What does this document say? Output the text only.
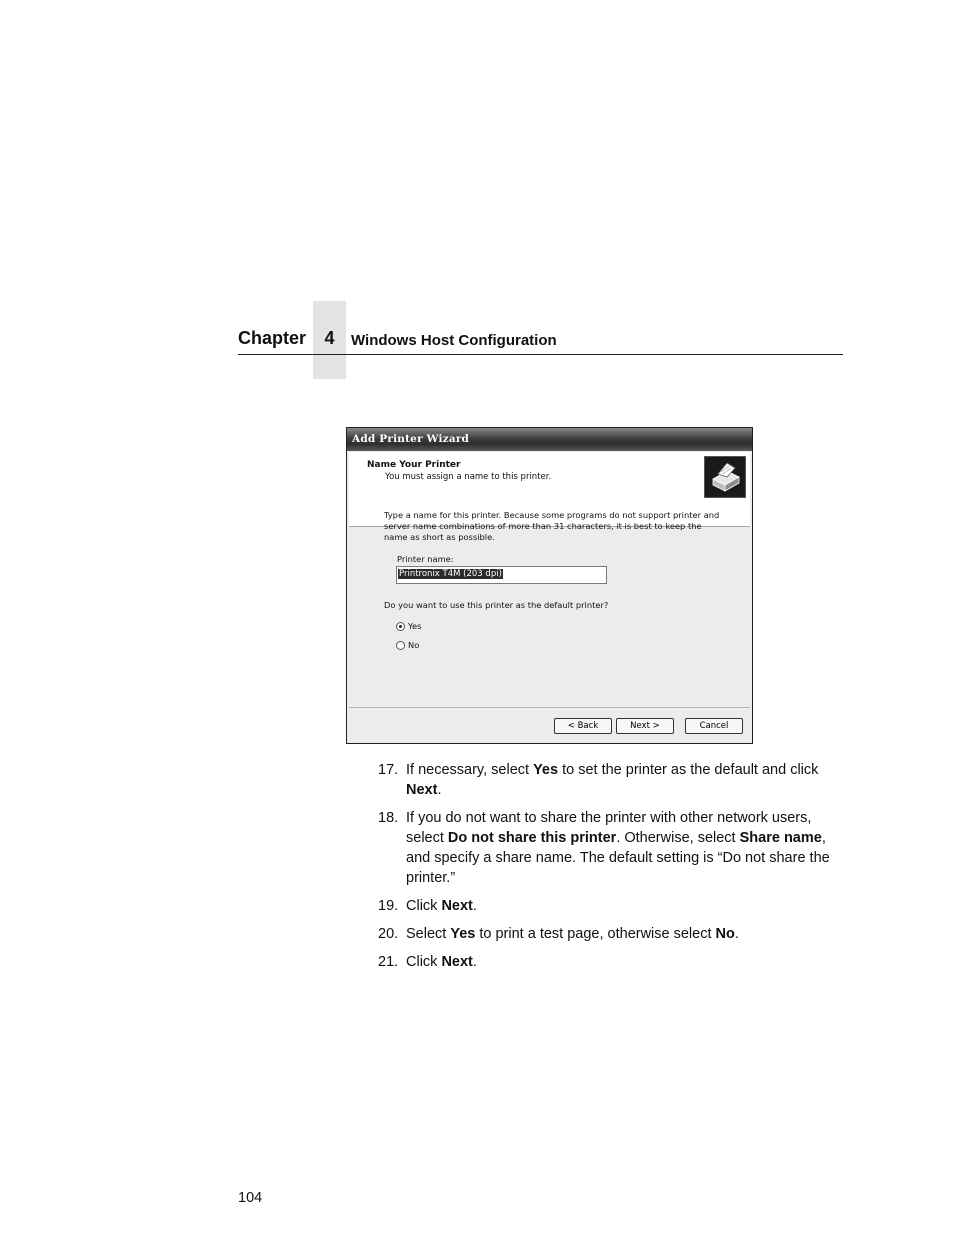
Chapter	4	Windows Host Configuration
Add Printer Wizard
Name Your Printer
You must assign a name to this printer.
Type a name for this printer. Because some programs do not support printer and server name combinations of more than 31 characters, it is best to keep the name as short as possible.
Printer name:
Printronix T4M (203 dpi)
Do you want to use this printer as the default printer?
Yes
No
< Back	Next >	Cancel
17. If necessary, select Yes to set the printer as the default and click Next.
18. If you do not want to share the printer with other network users, select Do not share this printer. Otherwise, select Share name, and specify a share name. The default setting is “Do not share the printer.”
19. Click Next.
20. Select Yes to print a test page, otherwise select No.
21. Click Next.
104
